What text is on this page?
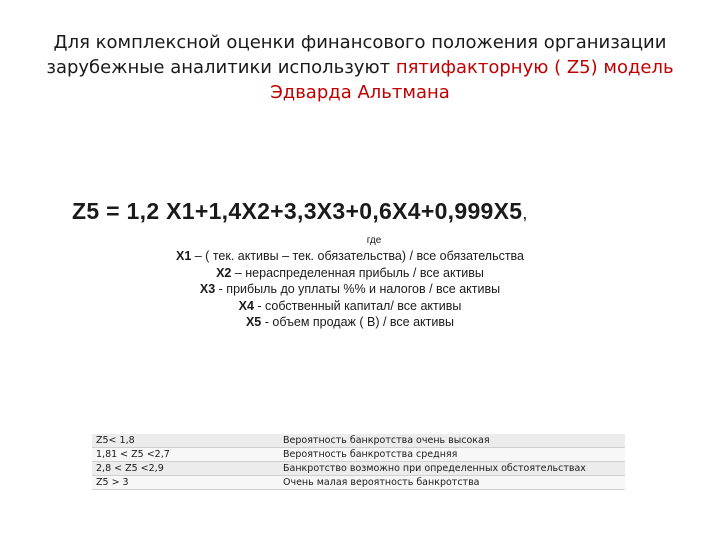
Для комплексной оценки финансового положения организации
зарубежные аналитики используют пятифакторную ( Z5) модель
Эдварда Альтмана
Z5 = 1,2 X1+1,4X2+3,3X3+0,6X4+0,999X5,
где
X1 – ( тек. активы – тек. обязательства) / все обязательства
X2 – нераспределенная прибыль / все активы
X3 - прибыль до уплаты %% и налогов / все активы
X4 - собственный капитал/ все активы
X5 - объем продаж ( В) / все активы
Z5< 1,8	Вероятность банкротства очень высокая
1,81 < Z5 <2,7	Вероятность банкротства средняя
2,8 < Z5 <2,9	Банкротство возможно при определенных обстоятельствах
Z5 > 3	Очень малая вероятность банкротства
